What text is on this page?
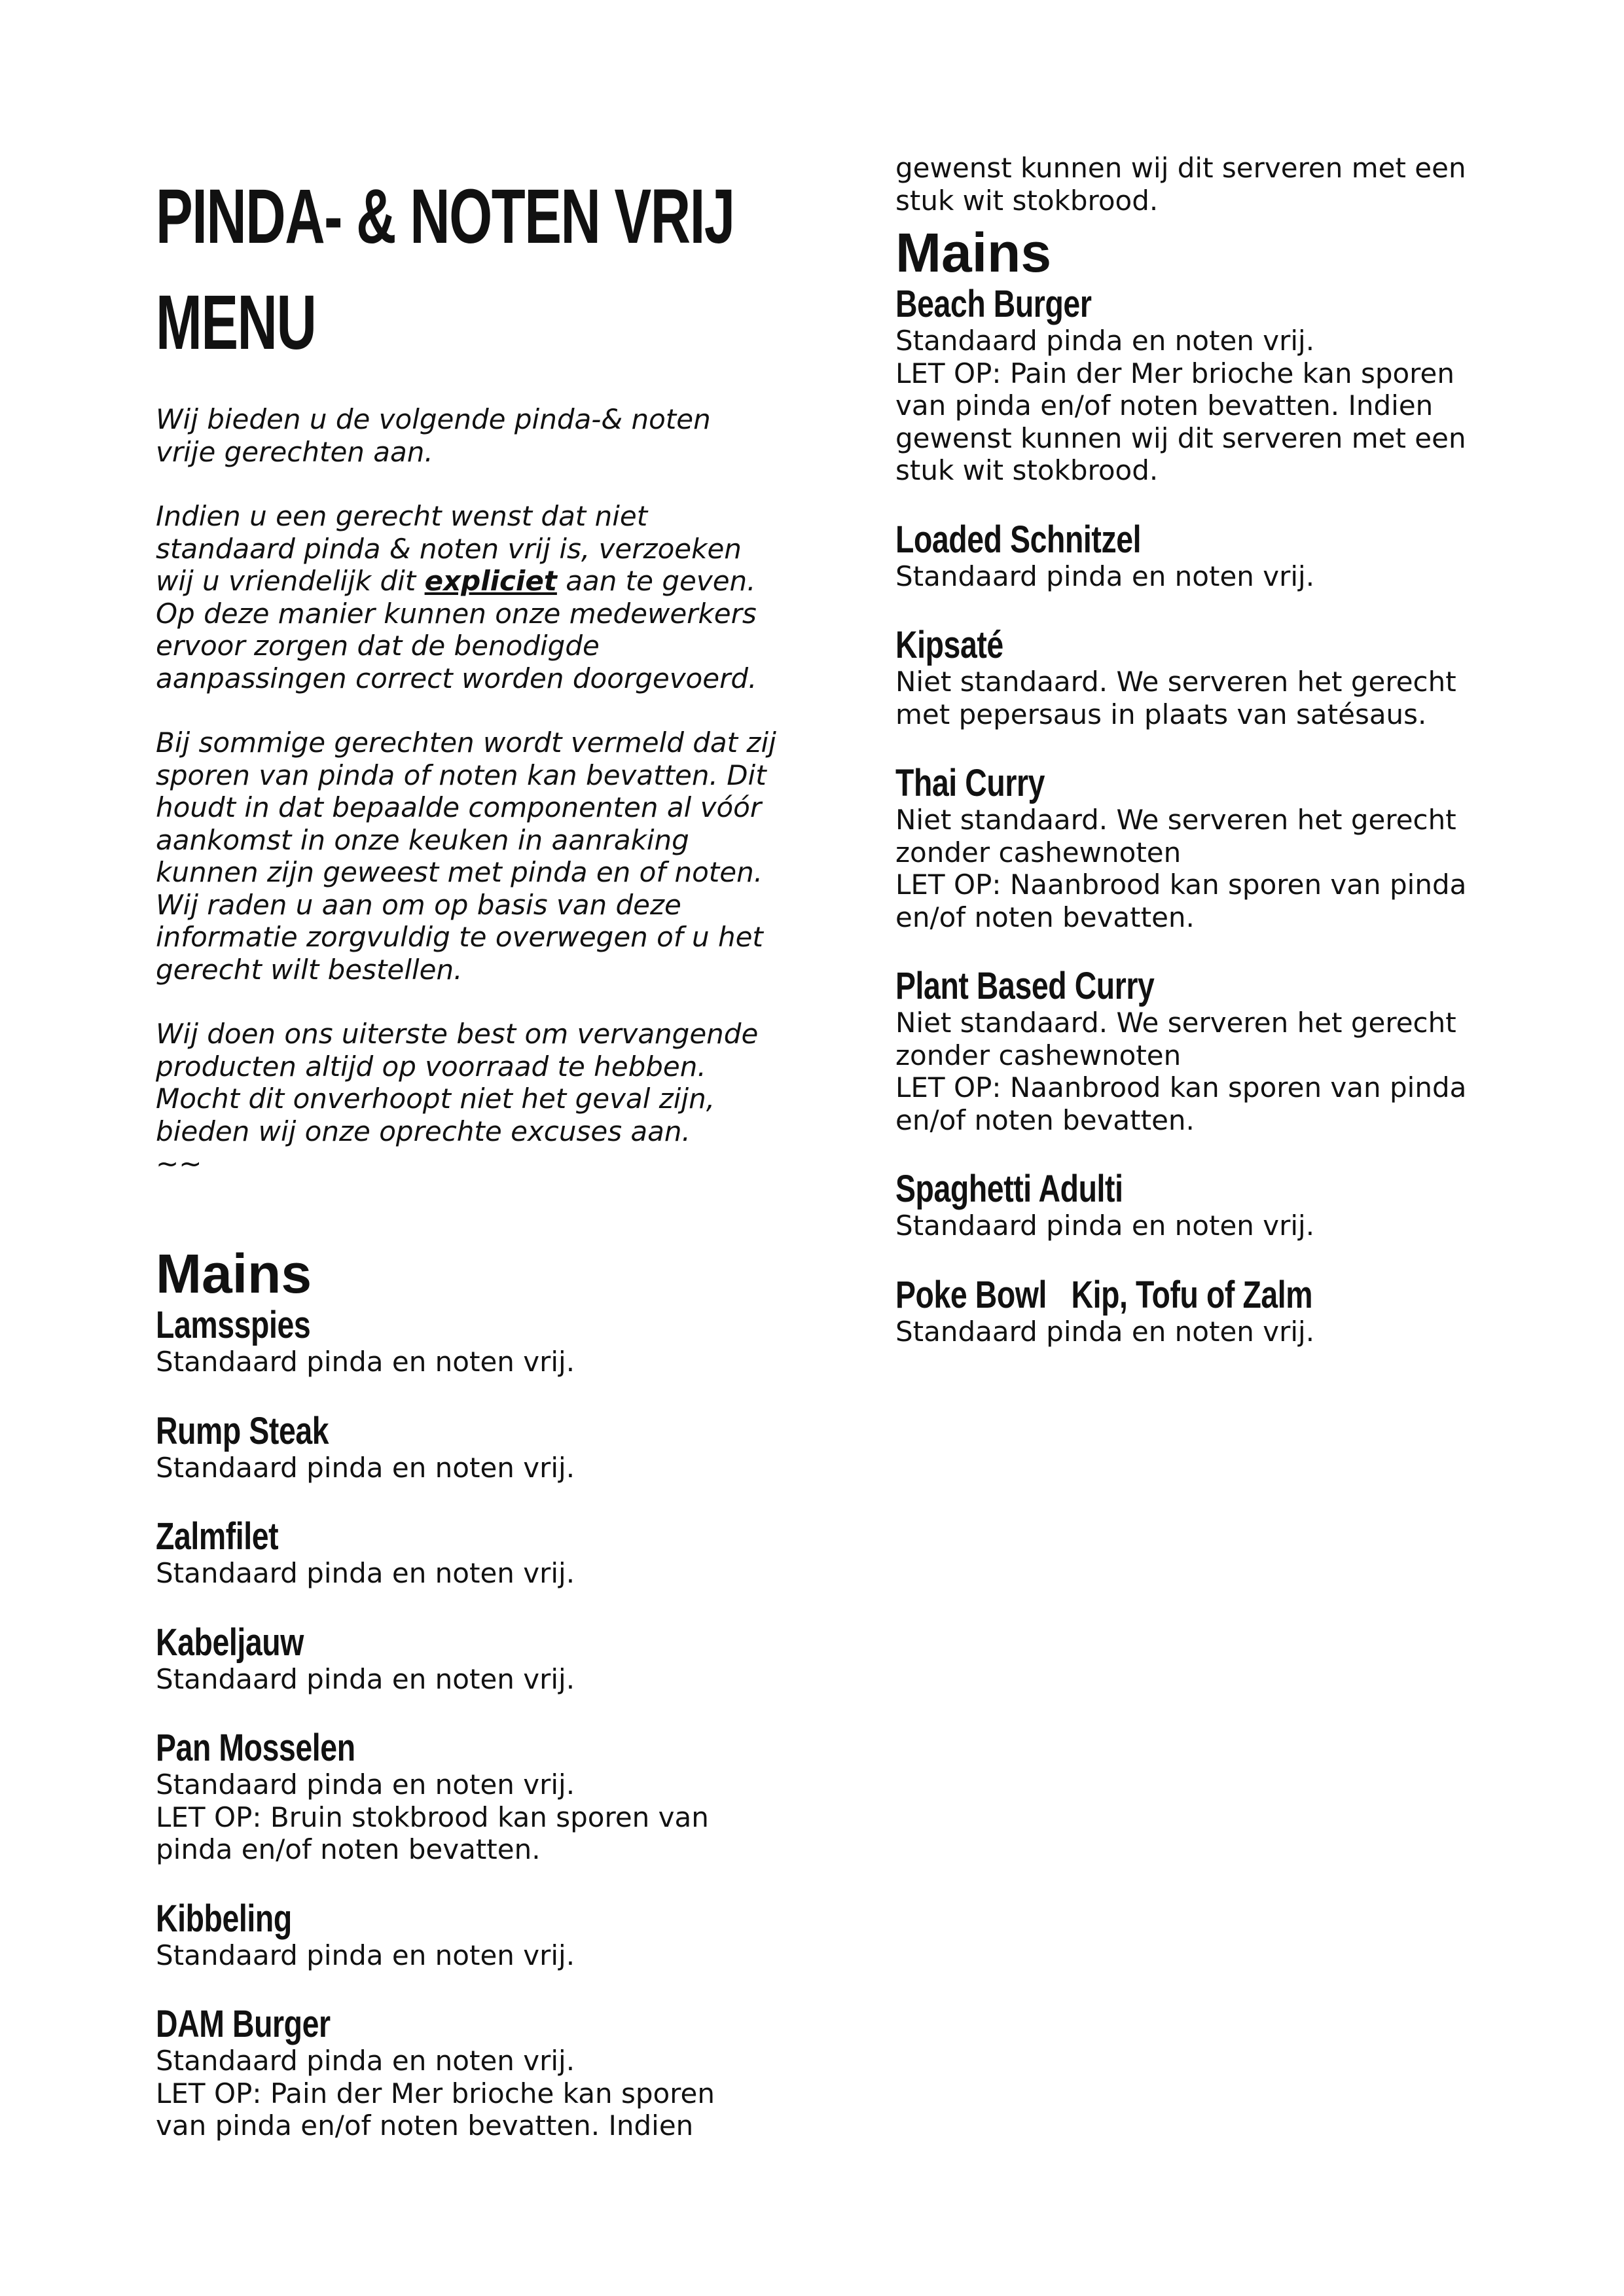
PINDA- & NOTEN VRIJ
MENU

Wij bieden u de volgende pinda-& noten
vrije gerechten aan.

Indien u een gerecht wenst dat niet
standaard pinda & noten vrij is, verzoeken
wij u vriendelijk dit expliciet aan te geven.
Op deze manier kunnen onze medewerkers
ervoor zorgen dat de benodigde
aanpassingen correct worden doorgevoerd.

Bij sommige gerechten wordt vermeld dat zij
sporen van pinda of noten kan bevatten. Dit
houdt in dat bepaalde componenten al vóór
aankomst in onze keuken in aanraking
kunnen zijn geweest met pinda en of noten.
Wij raden u aan om op basis van deze
informatie zorgvuldig te overwegen of u het
gerecht wilt bestellen.

Wij doen ons uiterste best om vervangende
producten altijd op voorraad te hebben.
Mocht dit onverhoopt niet het geval zijn,
bieden wij onze oprechte excuses aan.

~~

Mains
Lamsspies

Standaard pinda en noten vrij.

Rump Steak

Standaard pinda en noten vrij.

Zalmfilet

Standaard pinda en noten vrij.

Kabeljauw

Standaard pinda en noten vrij.

Pan Mosselen

Standaard pinda en noten vrij.
LET OP: Bruin stokbrood kan sporen van
pinda en/of noten bevatten.

Kibbeling

Standaard pinda en noten vrij.

DAM Burger

Standaard pinda en noten vrij.
LET OP: Pain der Mer brioche kan sporen
van pinda en/of noten bevatten. Indien

gewenst kunnen wij dit serveren met een
stuk wit stokbrood.

Mains
Beach Burger

Standaard pinda en noten vrij.
LET OP: Pain der Mer brioche kan sporen
van pinda en/of noten bevatten. Indien
gewenst kunnen wij dit serveren met een
stuk wit stokbrood.

Loaded Schnitzel

Standaard pinda en noten vrij.

Kipsaté

Niet standaard. We serveren het gerecht
met pepersaus in plaats van satésaus.

Thai Curry

Niet standaard. We serveren het gerecht
zonder cashewnoten
LET OP: Naanbrood kan sporen van pinda
en/of noten bevatten.

Plant Based Curry

Niet standaard. We serveren het gerecht
zonder cashewnoten
LET OP: Naanbrood kan sporen van pinda
en/of noten bevatten.

Spaghetti Adulti

Standaard pinda en noten vrij.

Poke Bowl   Kip, Tofu of Zalm

Standaard pinda en noten vrij.
